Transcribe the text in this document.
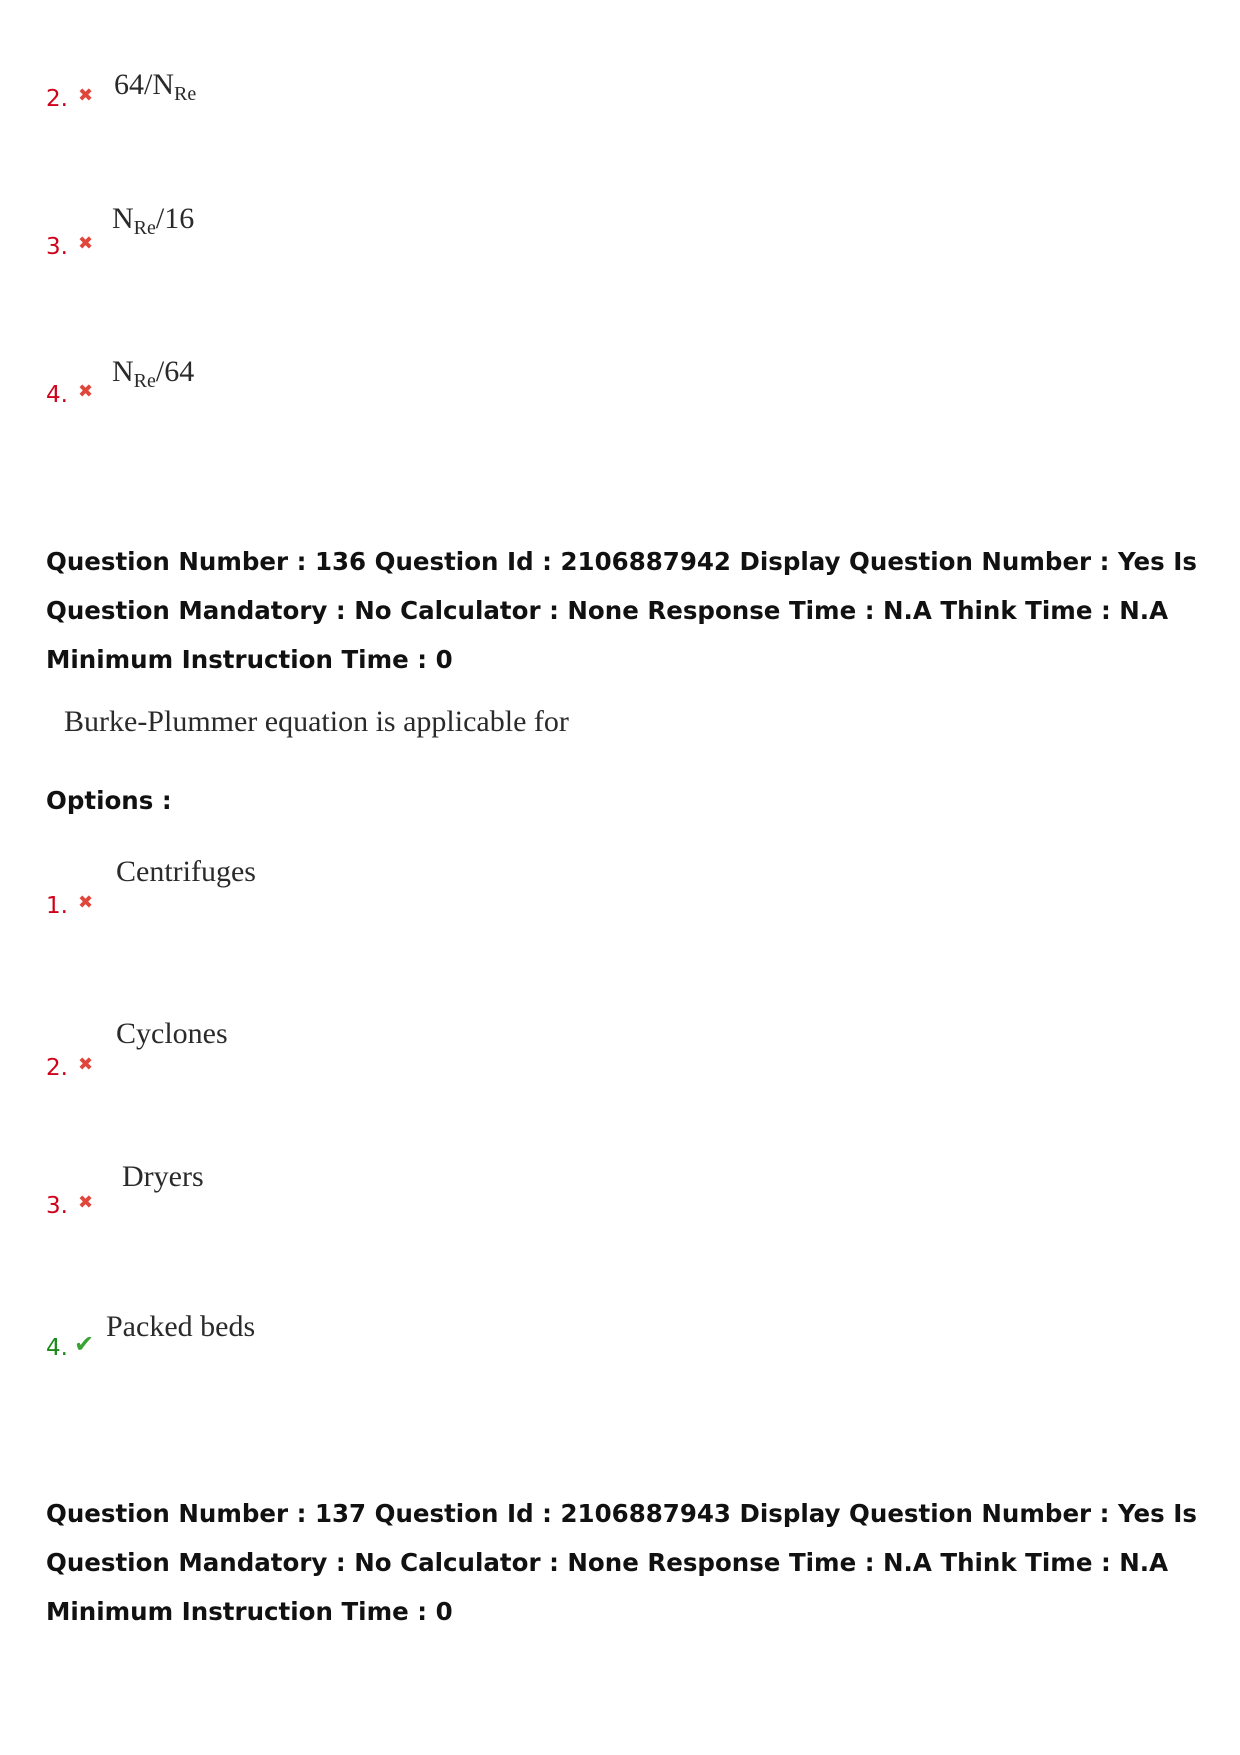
$64/N_{Re}$
2. ✖
$N_{Re}/16$
3. ✖
$N_{Re}/64$
4. ✖
Question Number : 136 Question Id : 2106887942 Display Question Number : Yes Is Question Mandatory : No Calculator : None Response Time : N.A Think Time : N.A Minimum Instruction Time : 0
Burke-Plummer equation is applicable for
Options :
Centrifuges
1. ✖
Cyclones
2. ✖
Dryers
3. ✖
Packed beds
4. ✔
Question Number : 137 Question Id : 2106887943 Display Question Number : Yes Is Question Mandatory : No Calculator : None Response Time : N.A Think Time : N.A Minimum Instruction Time : 0
